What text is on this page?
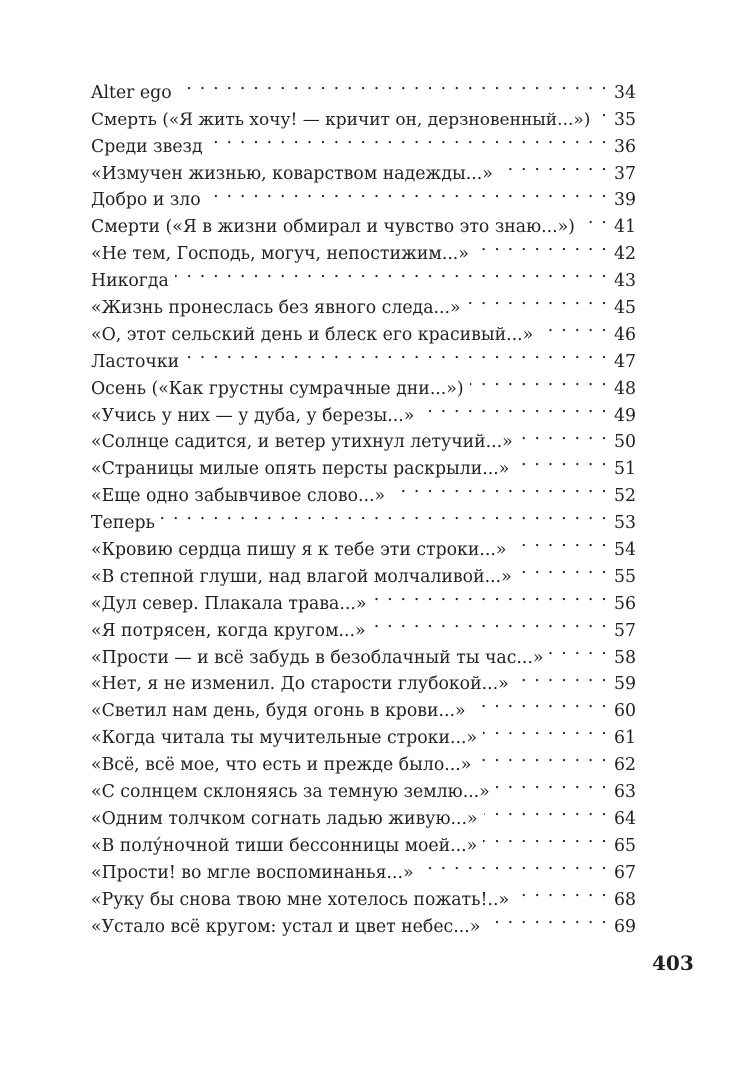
Alter ego . . .	34
Смерть («Я жить хочу! — кричит он, дерзновенный...») . . . 35
Среди звезд . . .	36
«Измучен жизнью, коварством надежды...» . . .	37
Добро и зло . . .	39
Смерти («Я в жизни обмирал и чувство это знаю...») . . . 41
«Не тем, Господь, могуч, непостижим...» . . .	42
Никогда . . .	43
«Жизнь пронеслась без явного следа...» . . .	45
«О, этот сельский день и блеск его красивый...» . . .	46
Ласточки . . .	47
Осень («Как грустны сумрачные дни...») . . .	48
«Учись у них — у дуба, у березы...» . . .	49
«Солнце садится, и ветер утихнул летучий...» . . .	50
«Страницы милые опять персты раскрыли...» . . .	51
«Еще одно забывчивое слово...» . . .	52
Теперь . . .	53
«Кровию сердца пишу я к тебе эти строки...» . . .	54
«В степной глуши, над влагой молчаливой...» . . .	55
«Дул север. Плакала трава...» . . .	56
«Я потрясен, когда кругом...» . . .	57
«Прости — и всё забудь в безоблачный ты час...» . . .	58
«Нет, я не изменил. До старости глубокой...» . . .	59
«Светил нам день, будя огонь в крови...» . . .	60
«Когда читала ты мучительные строки...» . . .	61
«Всё, всё мое, что есть и прежде было...» . . .	62
«С солнцем склоняясь за темную землю...» . . .	63
«Одним толчком согнать ладью живую...» . . .	64
«В полу́ночной тиши бессонницы моей...» . . .	65
«Прости! во мгле воспоминанья...» . . .	67
«Руку бы снова твою мне хотелось пожать!..» . . .	68
«Устало всё кругом: устал и цвет небес...» . . .	69
403
